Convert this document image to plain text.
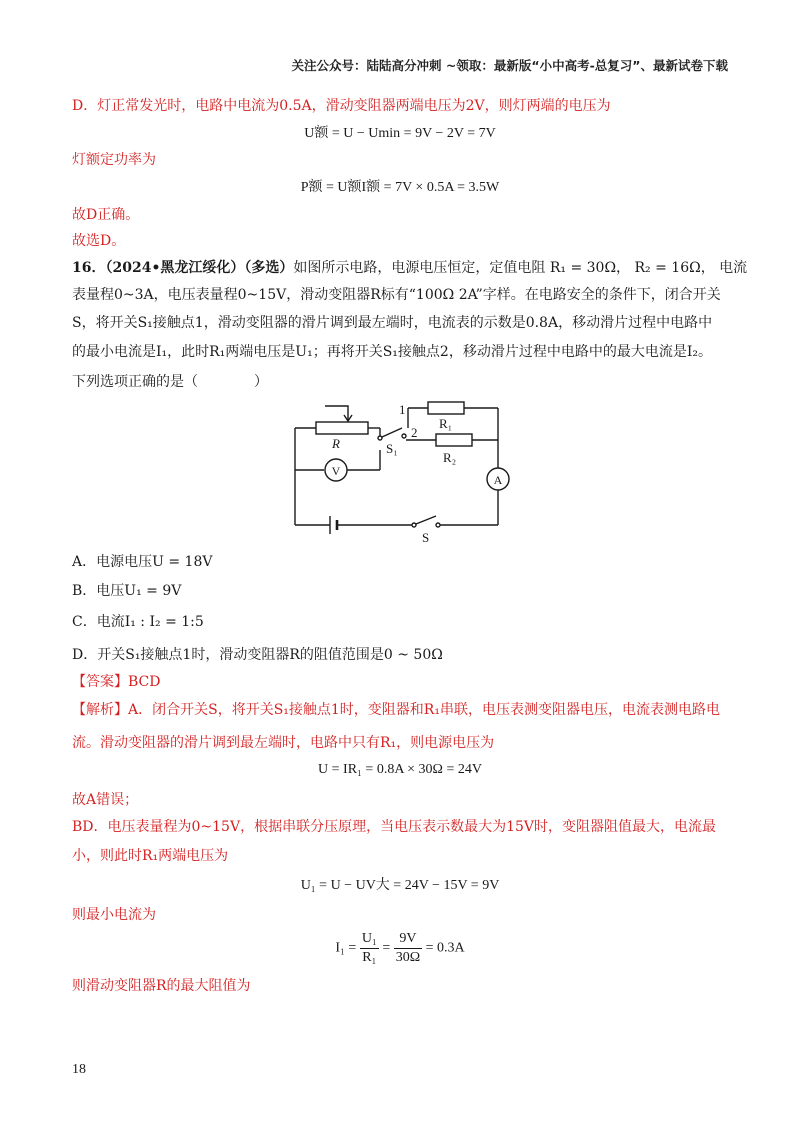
关注公众号：陆陆高分冲刺 ~领取：最新版“小中高考-总复习”、最新试卷下载
D．灯正常发光时，电路中电流为0.5A，滑动变阻器两端电压为2V，则灯两端的电压为
U额 = U − Umin = 9V − 2V = 7V
灯额定功率为
P额 = U额I额 = 7V × 0.5A = 3.5W
故D正确。
故选D。
16．（2024•黑龙江绥化）（多选）如图所示电路，电源电压恒定，定值电阻 R₁ = 30Ω， R₂ = 16Ω， 电流
表量程0~3A，电压表量程0~15V，滑动变阻器R标有“100Ω 2A”字样。在电路安全的条件下，闭合开关
S，将开关S₁接触点1，滑动变阻器的滑片调到最左端时，电流表的示数是0.8A，移动滑片过程中电路中
的最小电流是I₁，此时R₁两端电压是U₁；再将开关S₁接触点2，移动滑片过程中电路中的最大电流是I₂。
下列选项正确的是（　　　　）
R	S₁
1
2
R₁
R₂
V
A
S
A．电源电压U = 18V
B．电压U₁ = 9V
C．电流I₁ : I₂ = 1:5
D．开关S₁接触点1时，滑动变阻器R的阻值范围是0 ~ 50Ω
【答案】BCD
【解析】A．闭合开关S，将开关S₁接触点1时，变阻器和R₁串联，电压表测变阻器电压，电流表测电路电
流。滑动变阻器的滑片调到最左端时，电路中只有R₁，则电源电压为
U = IR₁ = 0.8A × 30Ω = 24V
故A错误；
BD．电压表量程为0~15V，根据串联分压原理，当电压表示数最大为15V时，变阻器阻值最大，电流最
小，则此时R₁两端电压为
U₁ = U − UV大 = 24V − 15V = 9V
则最小电流为
$I_1 = \frac{\text{U₁}}{\text{R₁}} = \frac{9V}{30\Omega} = 0.3A$
则滑动变阻器R的最大阻值为
18
